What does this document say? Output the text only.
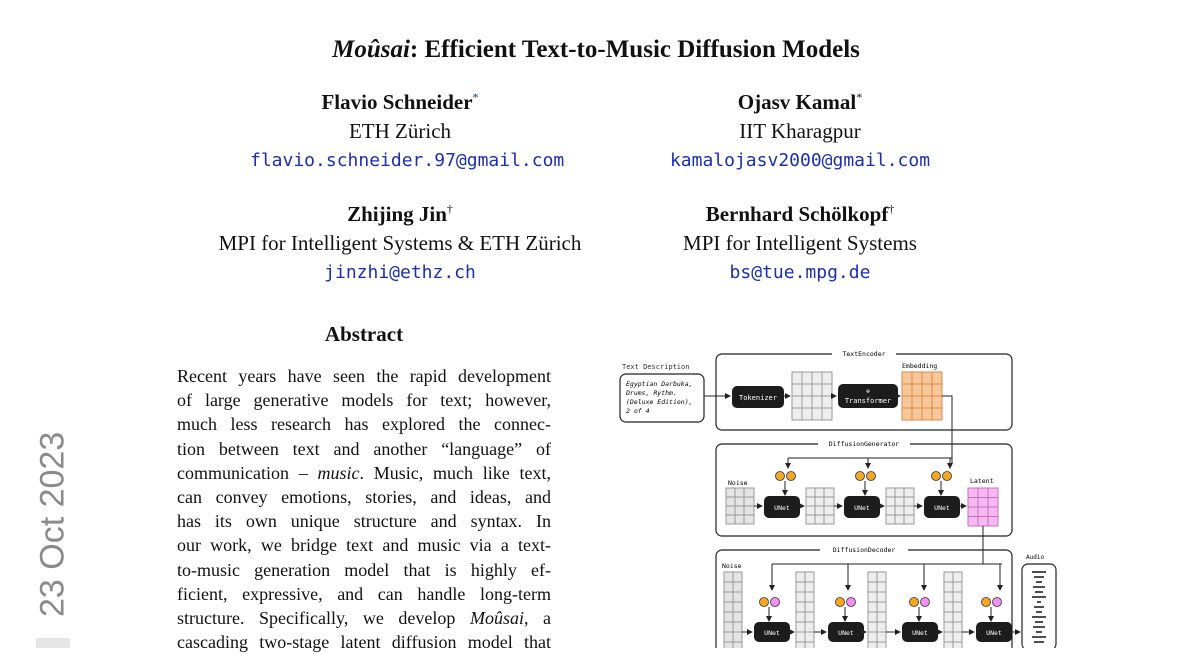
Moûsai: Efficient Text-to-Music Diffusion Models
Flavio Schneider*
ETH Zürich
flavio.schneider.97@gmail.com
Ojasv Kamal*
IIT Kharagpur
kamalojasv2000@gmail.com
Zhijing Jin†
MPI for Intelligent Systems & ETH Zürich
jinzhi@ethz.ch
Bernhard Schölkopf†
MPI for Intelligent Systems
bs@tue.mpg.de
Abstract
Recent years have seen the rapid development
of large generative models for text; however,
much less research has explored the connec-
tion between text and another “language” of
communication – music. Music, much like text,
can convey emotions, stories, and ideas, and
has its own unique structure and syntax. In
our work, we bridge text and music via a text-
to-music generation model that is highly ef-
ficient, expressive, and can handle long-term
structure. Specifically, we develop Moûsai, a
cascading two-stage latent diffusion model that
23 Oct 2023
Text Description
Egyptian Darbuka,
Drums, Rythm.
(Deluxe Edition),
2 of 4
TextEncoder
Tokenizer
⊕
Transformer
Embedding
DiffusionGenerator
Noise
UNet	UNet	UNet
Latent
DiffusionDecoder
Noise
UNet	UNet	UNet	UNet
Audio
